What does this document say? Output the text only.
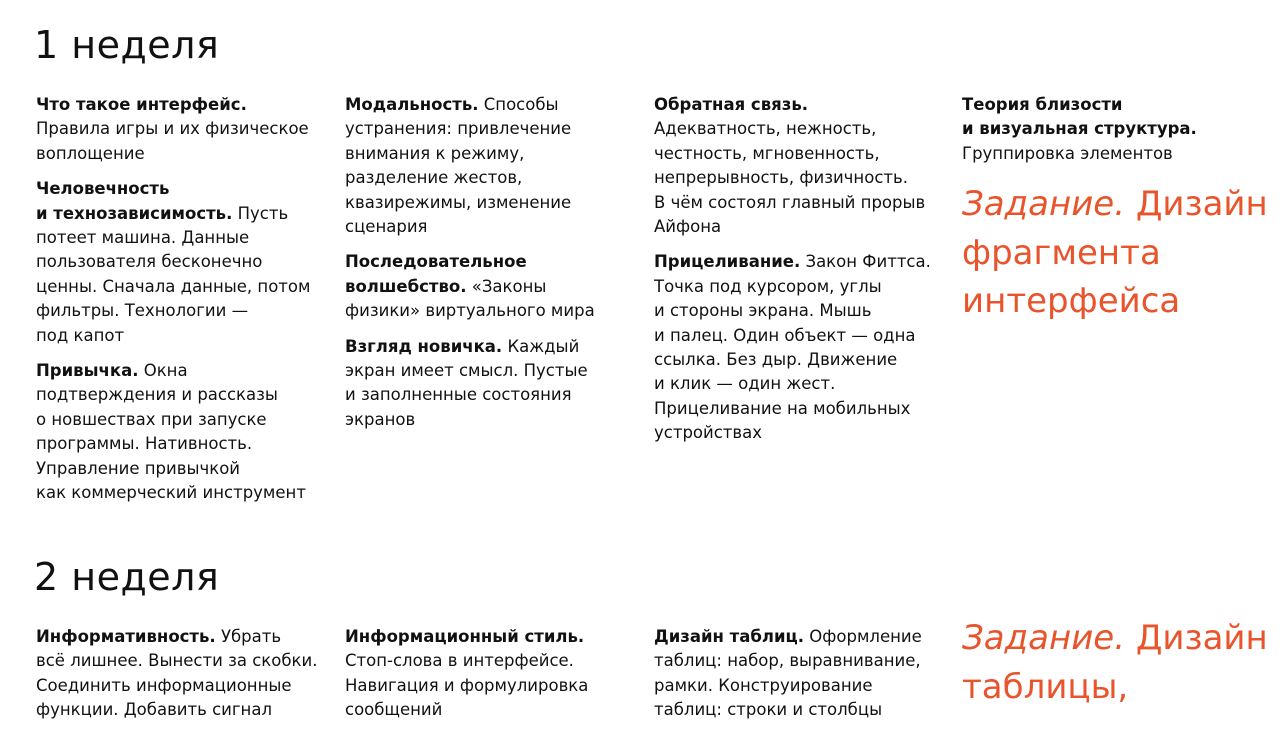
1 неделя

Что такое интерфейс.
Правила игры и их физическое
воплощение

Человечность
и технозависимость. Пусть
потеет машина. Данные
пользователя бесконечно
ценны. Сначала данные, потом
фильтры. Технологии —
под капот

Привычка. Окна
подтверждения и рассказы
о новшествах при запуске
программы. Нативность.
Управление привычкой
как коммерческий инструмент

Модальность. Способы
устранения: привлечение
внимания к режиму,
разделение жестов,
квазирежимы, изменение
сценария

Последовательное
волшебство. «Законы
физики» виртуального мира

Взгляд новичка. Каждый
экран имеет смысл. Пустые
и заполненные состояния
экранов

Обратная связь.
Адекватность, нежность,
честность, мгновенность,
непрерывность, физичность.
В чём состоял главный прорыв
Айфона

Прицеливание. Закон Фиттса.
Точка под курсором, углы
и стороны экрана. Мышь
и палец. Один объект — одна
ссылка. Без дыр. Движение
и клик — один жест.
Прицеливание на мобильных
устройствах

Теория близости
и визуальная структура.
Группировка элементов

Задание. Дизайн
фрагмента
интерфейса

2 неделя

Информативность. Убрать
всё лишнее. Вынести за скобки.
Соединить информационные
функции. Добавить сигнал

Информационный стиль.
Стоп-слова в интерфейсе.
Навигация и формулировка
сообщений

Дизайн таблиц. Оформление
таблиц: набор, выравнивание,
рамки. Конструирование
таблиц: строки и столбцы

Задание. Дизайн
таблицы,
